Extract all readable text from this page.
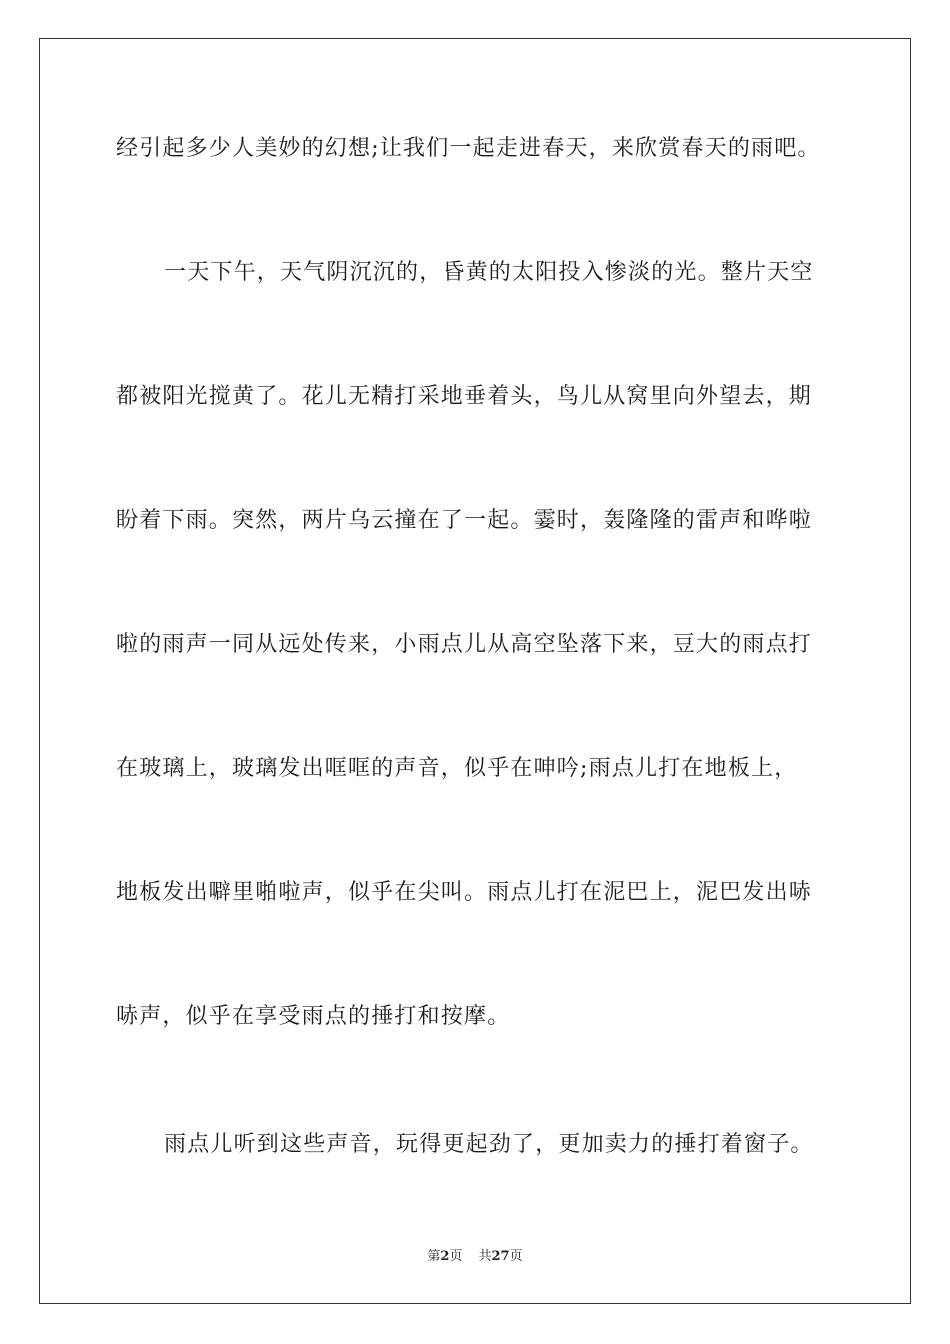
经引起多少人美妙的幻想;让我们一起走进春天，来欣赏春天的雨吧。
一天下午，天气阴沉沉的，昏黄的太阳投入惨淡的光。整片天空
都被阳光搅黄了。花儿无精打采地垂着头，鸟儿从窝里向外望去，期
盼着下雨。突然，两片乌云撞在了一起。霎时，轰隆隆的雷声和哗啦
啦的雨声一同从远处传来，小雨点儿从高空坠落下来，豆大的雨点打
在玻璃上，玻璃发出哐哐的声音，似乎在呻吟;雨点儿打在地板上，
地板发出噼里啪啦声，似乎在尖叫。雨点儿打在泥巴上，泥巴发出哧
哧声，似乎在享受雨点的捶打和按摩。
雨点儿听到这些声音，玩得更起劲了，更加卖力的捶打着窗子。
第2页 共27页
